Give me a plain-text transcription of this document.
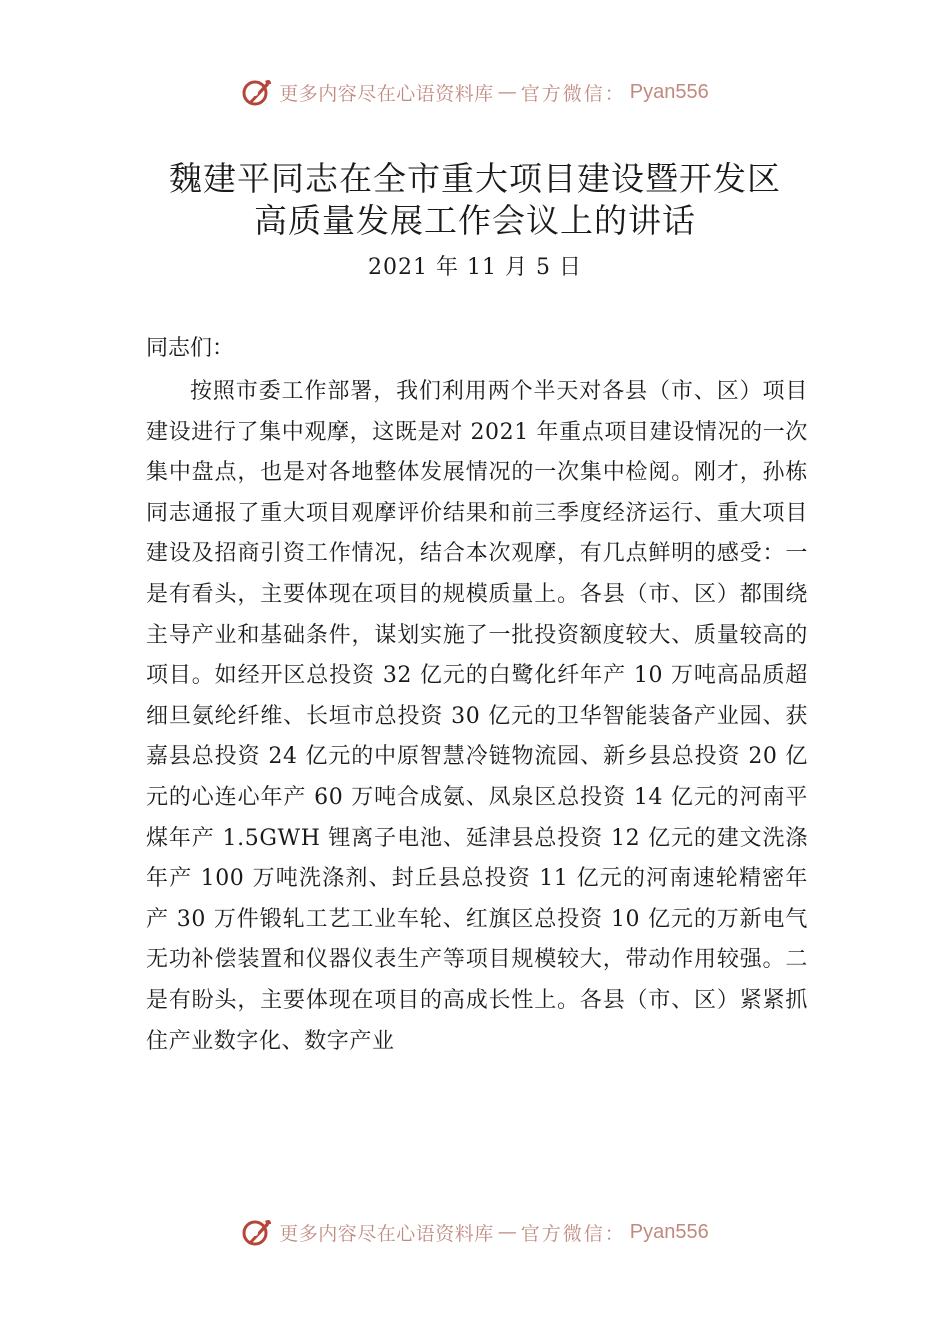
更多内容尽在心语资料库 — 官方微信： Pyan556
魏建平同志在全市重大项目建设暨开发区
高质量发展工作会议上的讲话
2021 年 11 月 5 日
同志们：

按照市委工作部署，我们利用两个半天对各县（市、区）项目建设进行了集中观摩，这既是对 2021 年重点项目建设情况的一次集中盘点，也是对各地整体发展情况的一次集中检阅。刚才，孙栋同志通报了重大项目观摩评价结果和前三季度经济运行、重大项目建设及招商引资工作情况，结合本次观摩，有几点鲜明的感受：一是有看头，主要体现在项目的规模质量上。各县（市、区）都围绕主导产业和基础条件，谋划实施了一批投资额度较大、质量较高的项目。如经开区总投资 32 亿元的白鹭化纤年产 10 万吨高品质超细旦氨纶纤维、长垣市总投资 30 亿元的卫华智能装备产业园、获嘉县总投资 24 亿元的中原智慧冷链物流园、新乡县总投资 20 亿元的心连心年产 60 万吨合成氨、凤泉区总投资 14 亿元的河南平煤年产 1.5GWH 锂离子电池、延津县总投资 12 亿元的建文洗涤年产 100 万吨洗涤剂、封丘县总投资 11 亿元的河南速轮精密年产 30 万件锻轧工艺工业车轮、红旗区总投资 10 亿元的万新电气无功补偿装置和仪器仪表生产等项目规模较大，带动作用较强。二是有盼头，主要体现在项目的高成长性上。各县（市、区）紧紧抓住产业数字化、数字产业

更多内容尽在心语资料库 — 官方微信： Pyan556
